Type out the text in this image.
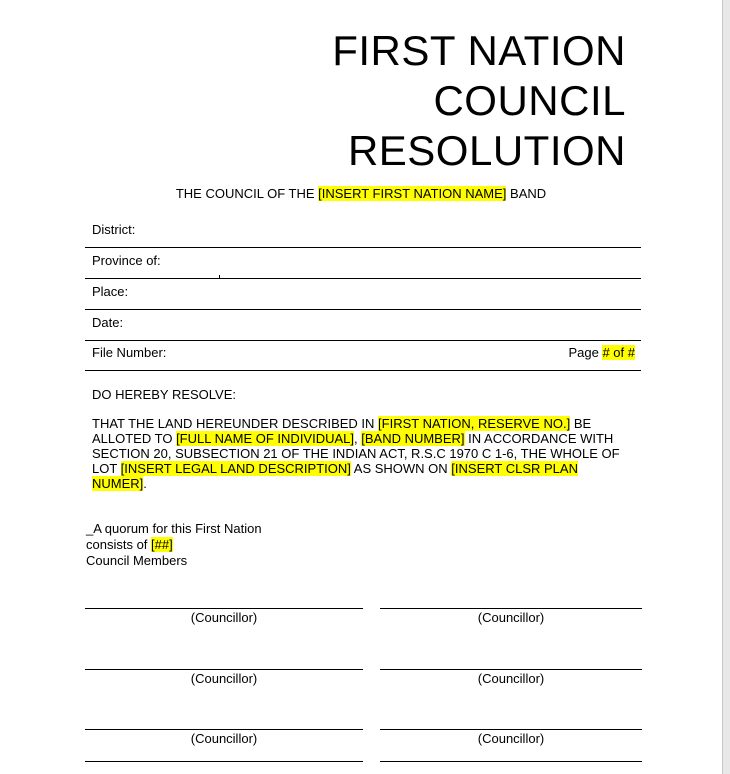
FIRST NATION
COUNCIL
RESOLUTION
THE COUNCIL OF THE [INSERT FIRST NATION NAME] BAND
District:
Province of:
Place:
Date:
File Number:	Page # of #
DO HEREBY RESOLVE:
THAT THE LAND HEREUNDER DESCRIBED IN [FIRST NATION, RESERVE NO.] BE ALLOTED TO [FULL NAME OF INDIVIDUAL], [BAND NUMBER] IN ACCORDANCE WITH SECTION 20, SUBSECTION 21 OF THE INDIAN ACT, R.S.C 1970 C 1-6, THE WHOLE OF LOT [INSERT LEGAL LAND DESCRIPTION] AS SHOWN ON [INSERT CLSR PLAN NUMER].
_A quorum for this First Nation
consists of [##]
Council Members
(Councillor)	(Councillor)
(Councillor)	(Councillor)
(Councillor)	(Councillor)
